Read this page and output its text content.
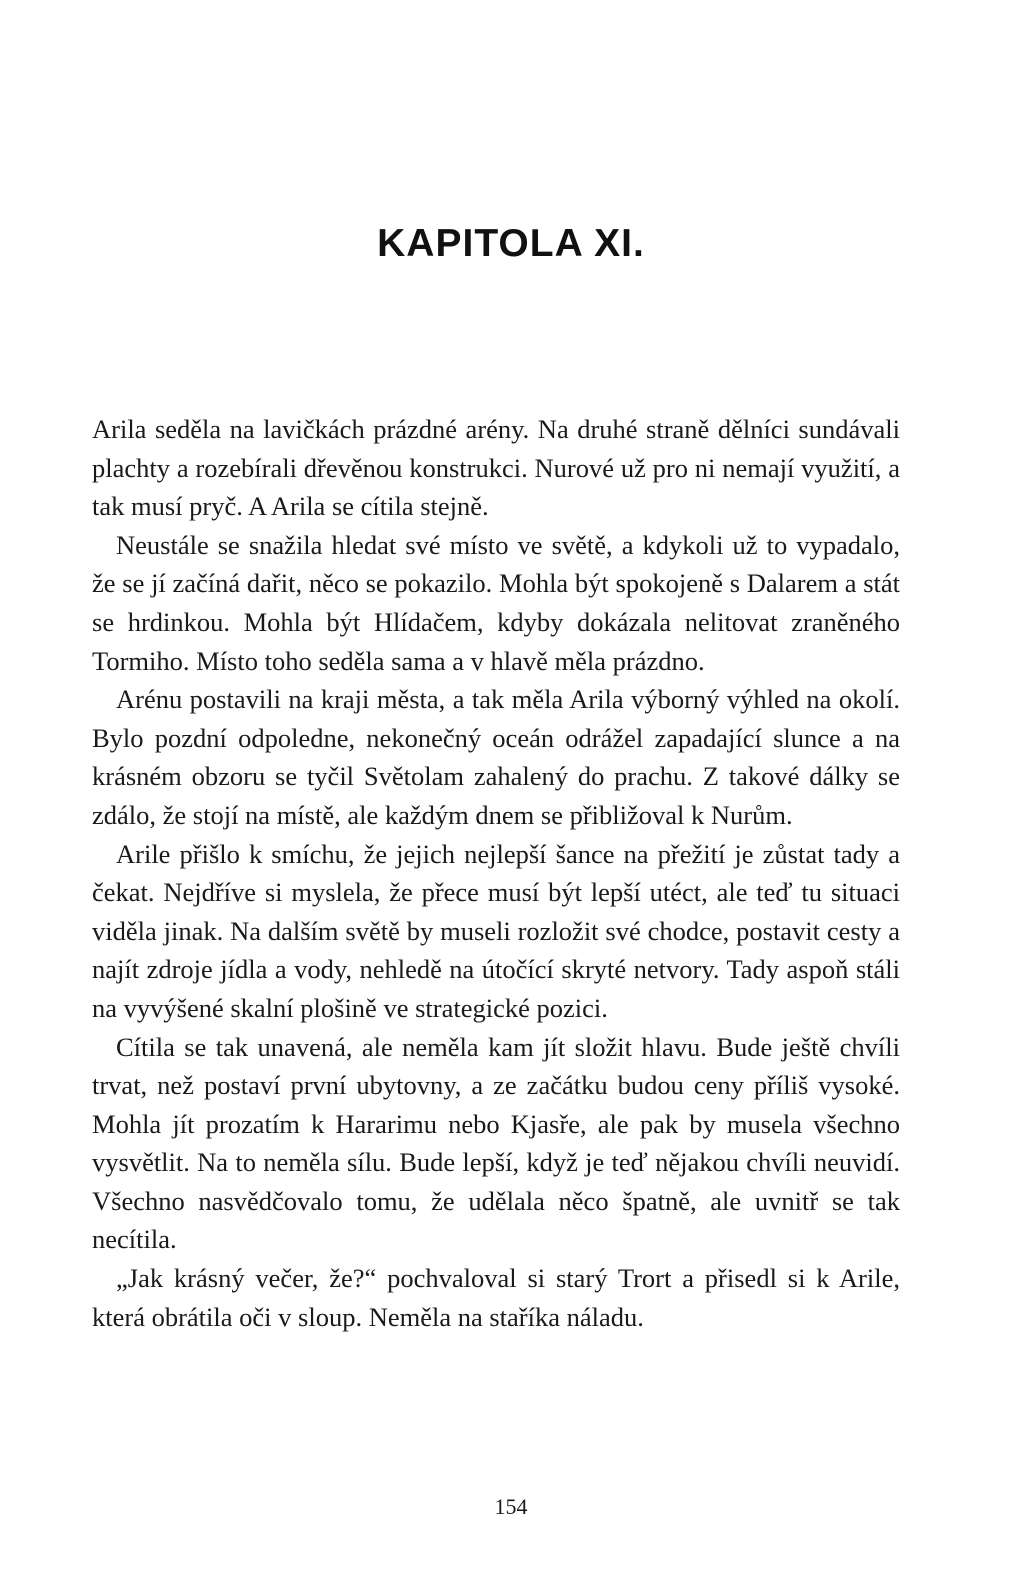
KAPITOLA XI.

Arila seděla na lavičkách prázdné arény. Na druhé straně dělníci sundávali plachty a rozebírali dřevěnou konstrukci. Nurové už pro ni nemají využití, a tak musí pryč. A Arila se cítila stejně.

Neustále se snažila hledat své místo ve světě, a kdykoli už to vypadalo, že se jí začíná dařit, něco se pokazilo. Mohla být spokojeně s Dalarem a stát se hrdinkou. Mohla být Hlídačem, kdyby dokázala nelitovat zraněného Tormiho. Místo toho seděla sama a v hlavě měla prázdno.

Arénu postavili na kraji města, a tak měla Arila výborný výhled na okolí. Bylo pozdní odpoledne, nekonečný oceán odrážel zapadající slunce a na krásném obzoru se tyčil Světolam zahalený do prachu. Z takové dálky se zdálo, že stojí na místě, ale každým dnem se přibližoval k Nurům.

Arile přišlo k smíchu, že jejich nejlepší šance na přežití je zůstat tady a čekat. Nejdříve si myslela, že přece musí být lepší utéct, ale teď tu situaci viděla jinak. Na dalším světě by museli rozložit své chodce, postavit cesty a najít zdroje jídla a vody, nehledě na útočící skryté netvory. Tady aspoň stáli na vyvýšené skalní plošině ve strategické pozici.

Cítila se tak unavená, ale neměla kam jít složit hlavu. Bude ještě chvíli trvat, než postaví první ubytovny, a ze začátku budou ceny příliš vysoké. Mohla jít prozatím k Hararimu nebo Kjasře, ale pak by musela všechno vysvětlit. Na to neměla sílu. Bude lepší, když je teď nějakou chvíli neuvidí. Všechno nasvědčovalo tomu, že udělala něco špatně, ale uvnitř se tak necítila.

„Jak krásný večer, že?“ pochvaloval si starý Trort a přisedl si k Arile, která obrátila oči v sloup. Neměla na staříka náladu.

154
